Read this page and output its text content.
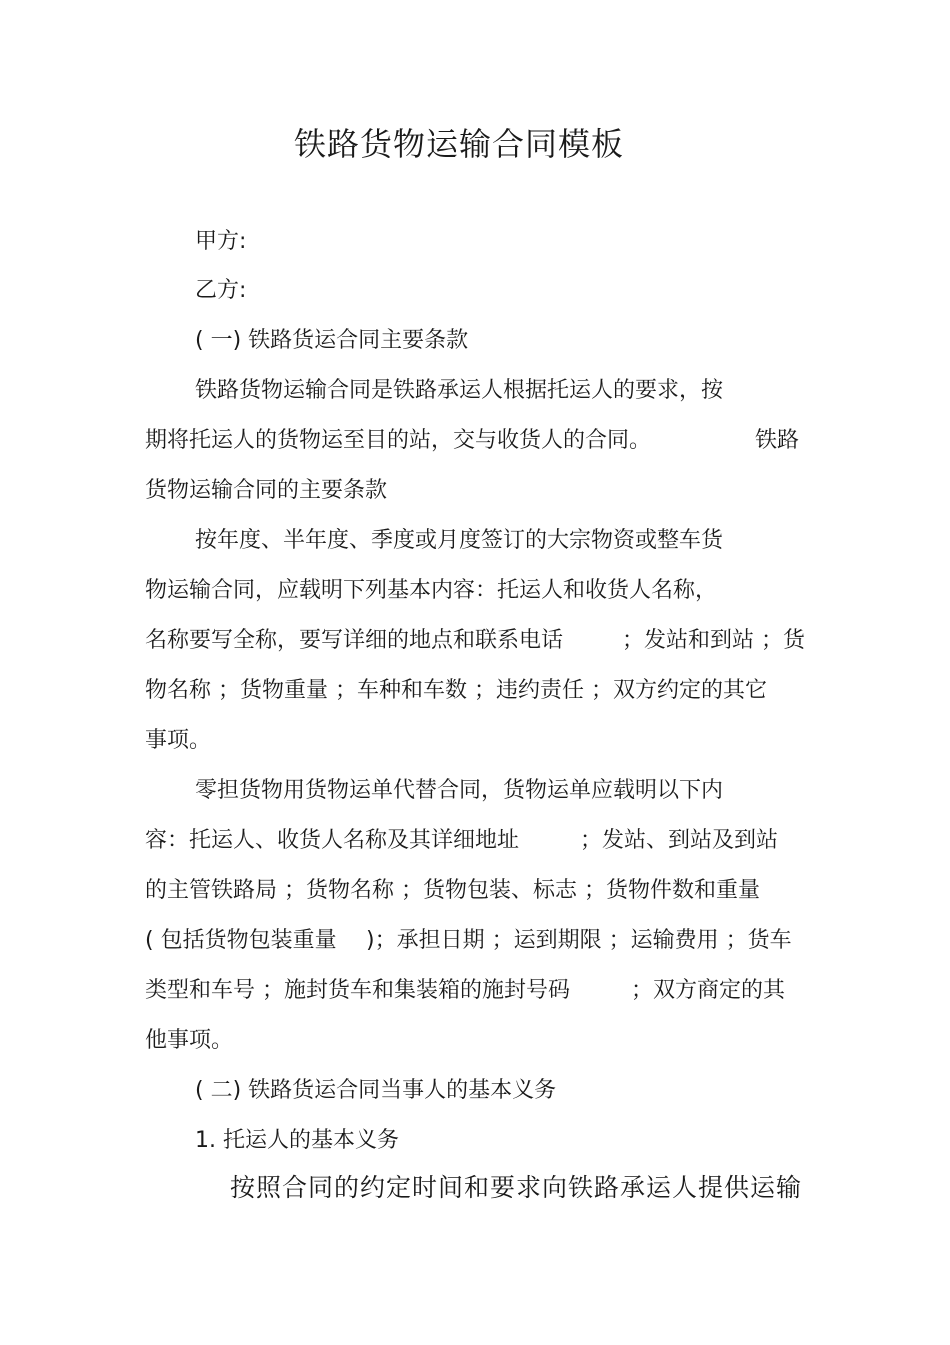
铁路货物运输合同模板
甲方:
乙方:
( 一) 铁路货运合同主要条款
铁路货物运输合同是铁路承运人根据托运人的要求，按
期将托运人的货物运至目的站，交与收货人的合同。	铁路
货物运输合同的主要条款
按年度、半年度、季度或月度签订的大宗物资或整车货
物运输合同，应载明下列基本内容：托运人和收货人名称，
名称要写全称，要写详细的地点和联系电话	；发站和到站 ；货
物名称 ；货物重量 ；车种和车数 ；违约责任 ；双方约定的其它
事项。
零担货物用货物运单代替合同，货物运单应载明以下内
容：托运人、收货人名称及其详细地址	；发站、到站及到站
的主管铁路局 ；货物名称 ；货物包装、标志 ；货物件数和重量
( 包括货物包装重量 )；承担日期 ；运到期限 ；运输费用 ；货车
类型和车号 ；施封货车和集装箱的施封号码	；双方商定的其
他事项。
( 二) 铁路货运合同当事人的基本义务
1. 托运人的基本义务
按照合同的约定时间和要求向铁路承运人提供运输
